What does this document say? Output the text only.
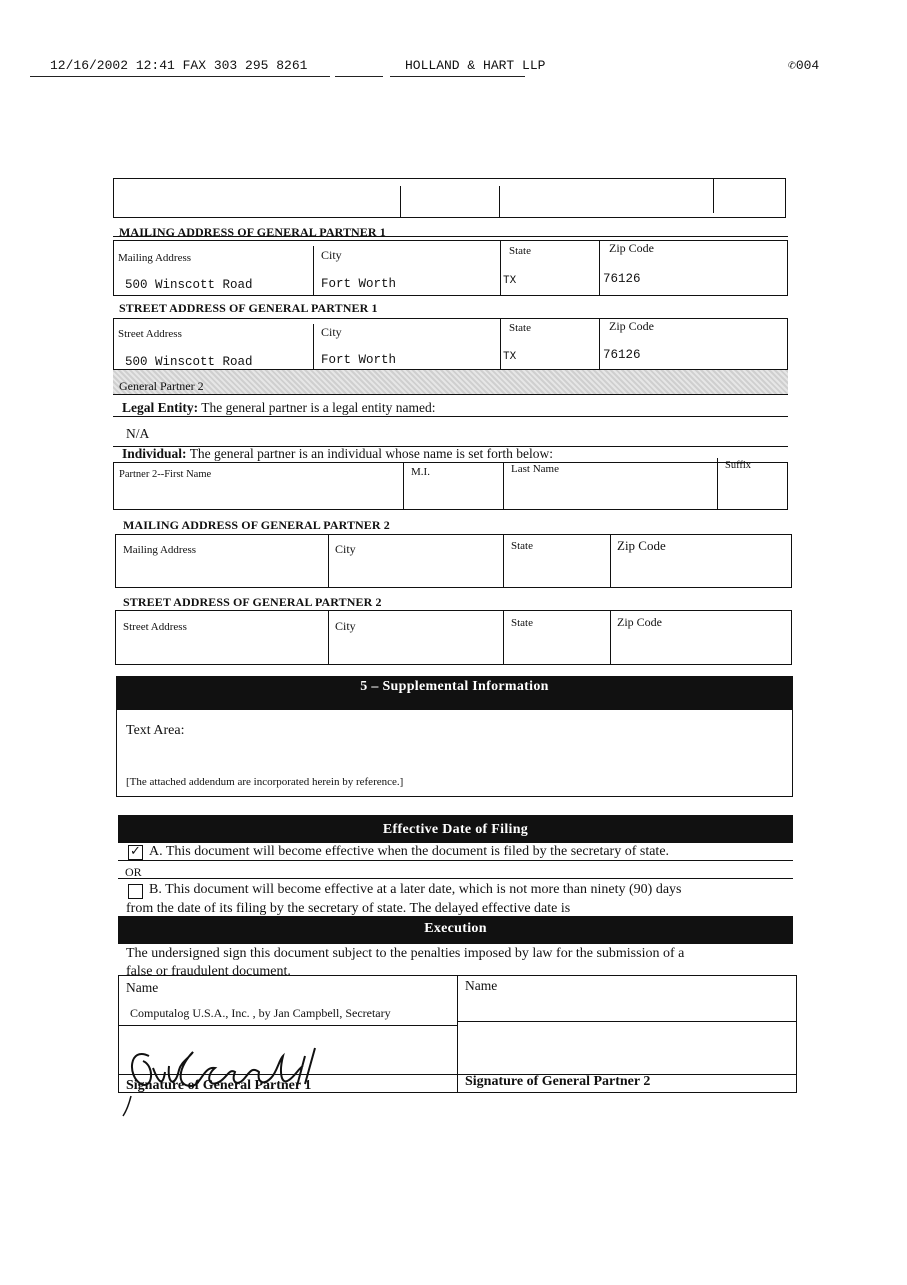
12/16/2002 12:41 FAX 303 295 8261	HOLLAND & HART LLP	✆004
MAILING ADDRESS OF GENERAL PARTNER 1
Mailing Address	City	State	Zip Code
500 Winscott Road	Fort Worth	TX	76126
STREET ADDRESS OF GENERAL PARTNER 1
Street Address	City	State	Zip Code
500 Winscott Road	Fort Worth	TX	76126
General Partner 2
Legal Entity: The general partner is a legal entity named:
N/A
Individual: The general partner is an individual whose name is set forth below:
Partner 2--First Name	M.I.	Last Name	Suffix
MAILING ADDRESS OF GENERAL PARTNER 2
Mailing Address	City	State	Zip Code
STREET ADDRESS OF GENERAL PARTNER 2
Street Address	City	State	Zip Code
5 – Supplemental Information
Text Area:
[The attached addendum are incorporated herein by reference.]
Effective Date of Filing
✓ A. This document will become effective when the document is filed by the secretary of state.
OR
B. This document will become effective at a later date, which is not more than ninety (90) days
from the date of its filing by the secretary of state. The delayed effective date is
Execution
The undersigned sign this document subject to the penalties imposed by law for the submission of a
false or fraudulent document.
Name	Name
Computalog U.S.A., Inc. , by Jan Campbell, Secretary
Signature of General Partner 1	Signature of General Partner 2
